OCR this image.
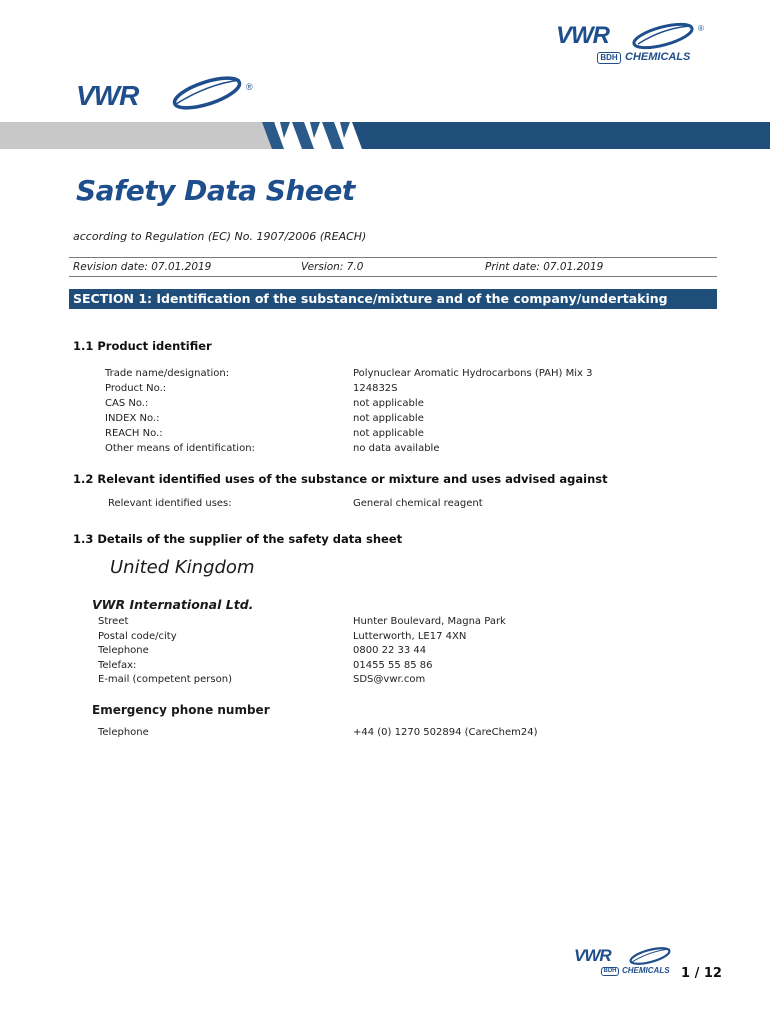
VWR	®
BDH CHEMICALS
VWR	®
Safety Data Sheet
according to Regulation (EC) No. 1907/2006 (REACH)
Revision date: 07.01.2019	Version: 7.0	Print date: 07.01.2019
SECTION 1: Identification of the substance/mixture and of the company/undertaking
1.1 Product identifier
Trade name/designation:	Polynuclear Aromatic Hydrocarbons (PAH) Mix 3
Product No.:	124832S
CAS No.:	not applicable
INDEX No.:	not applicable
REACH No.:	not applicable
Other means of identification:	no data available
1.2 Relevant identified uses of the substance or mixture and uses advised against
Relevant identified uses:	General chemical reagent
1.3 Details of the supplier of the safety data sheet
United Kingdom
VWR International Ltd.
Street	Hunter Boulevard, Magna Park
Postal code/city	Lutterworth, LE17 4XN
Telephone	0800 22 33 44
Telefax:	01455 55 85 86
E-mail (competent person)	SDS@vwr.com
Emergency phone number
Telephone	+44 (0) 1270 502894 (CareChem24)
VWR
BDH CHEMICALS 1 / 12
